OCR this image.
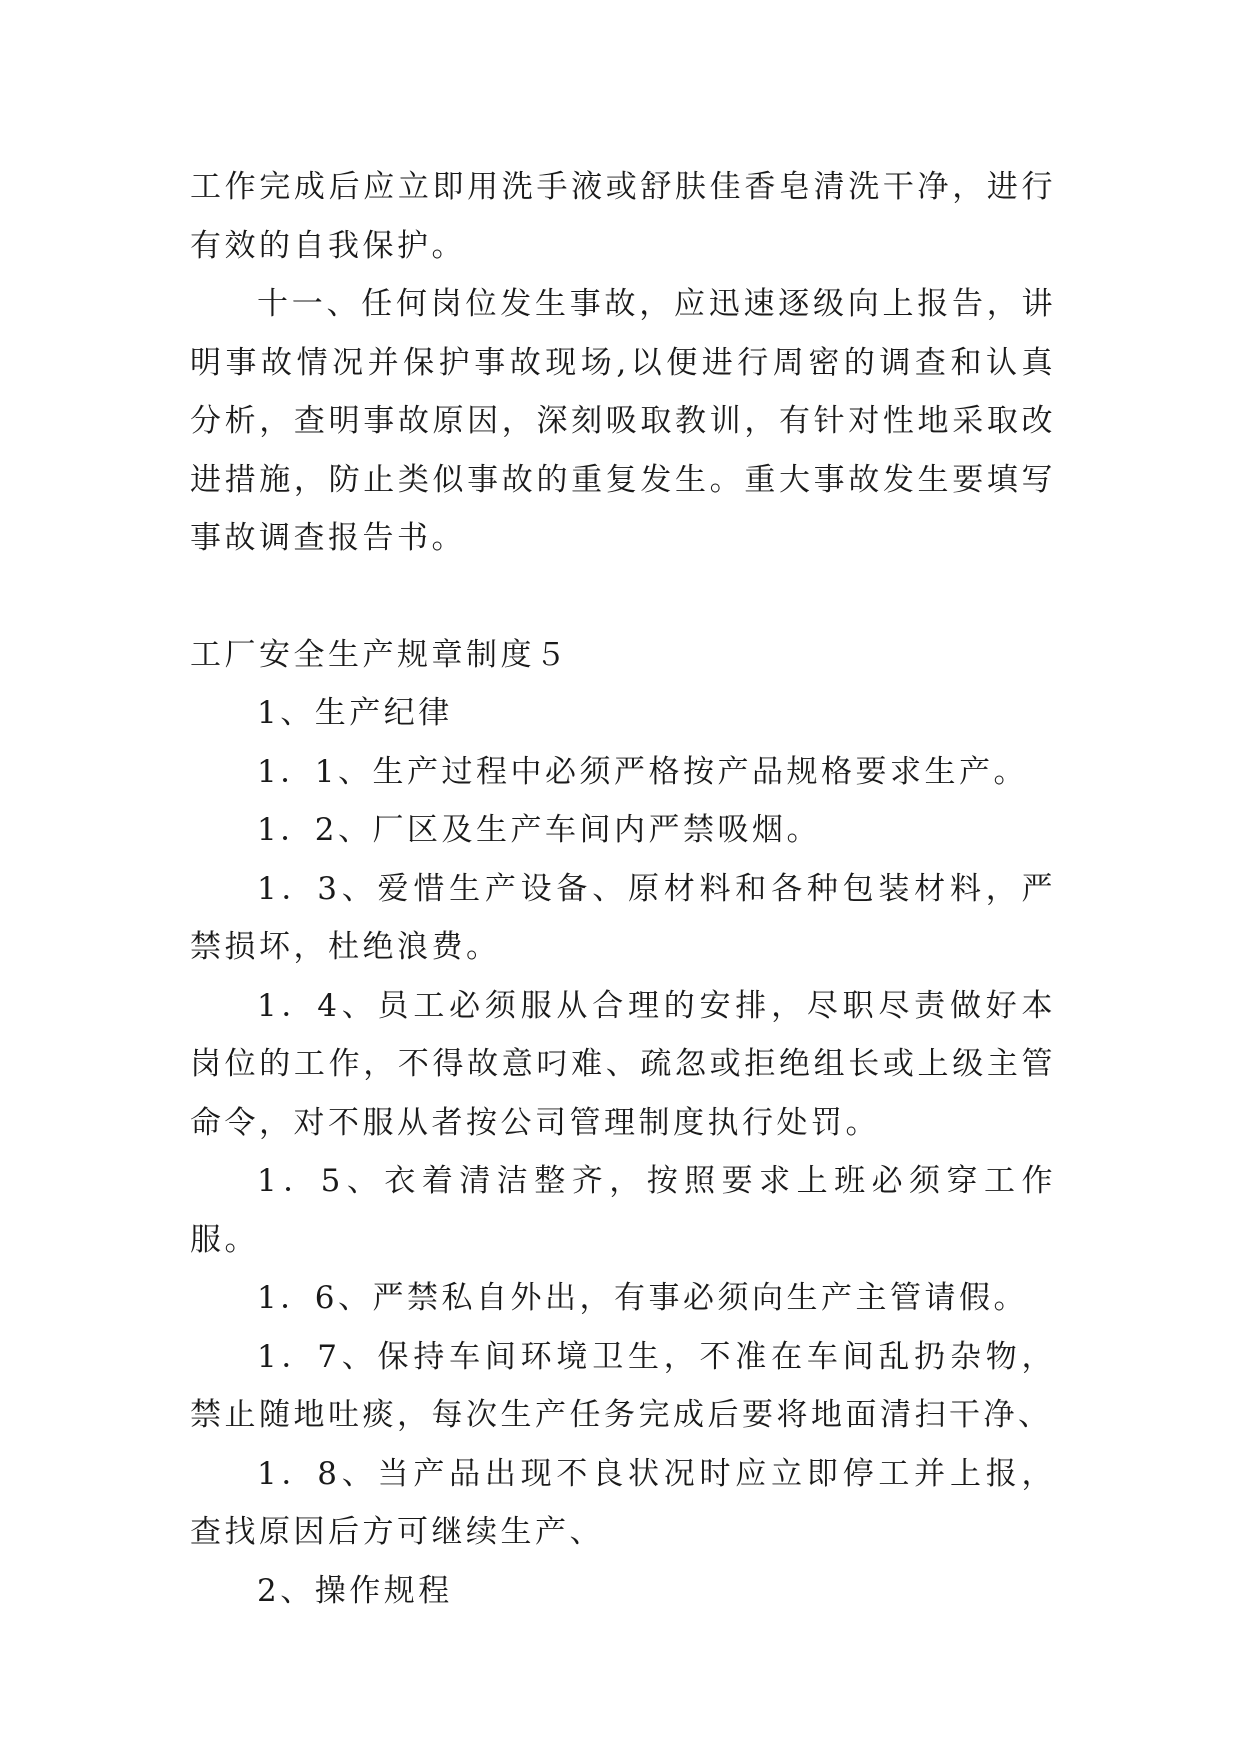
工作完成后应立即用洗手液或舒肤佳香皂清洗干净，进行有效的自我保护。

十一、任何岗位发生事故，应迅速逐级向上报告，讲明事故情况并保护事故现场,以便进行周密的调查和认真分析，查明事故原因，深刻吸取教训，有针对性地采取改进措施，防止类似事故的重复发生。重大事故发生要填写事故调查报告书。

工厂安全生产规章制度５

1、生产纪律

1．1、生产过程中必须严格按产品规格要求生产。

1．2、厂区及生产车间内严禁吸烟。

1．3、爱惜生产设备、原材料和各种包装材料，严禁损坏，杜绝浪费。

1．4、员工必须服从合理的安排，尽职尽责做好本岗位的工作，不得故意叼难、疏忽或拒绝组长或上级主管命令，对不服从者按公司管理制度执行处罚。

1．5、衣着清洁整齐，按照要求上班必须穿工作服。

1．6、严禁私自外出，有事必须向生产主管请假。

1．7、保持车间环境卫生，不准在车间乱扔杂物，禁止随地吐痰，每次生产任务完成后要将地面清扫干净、

1．8、当产品出现不良状况时应立即停工并上报，查找原因后方可继续生产、

2、操作规程
